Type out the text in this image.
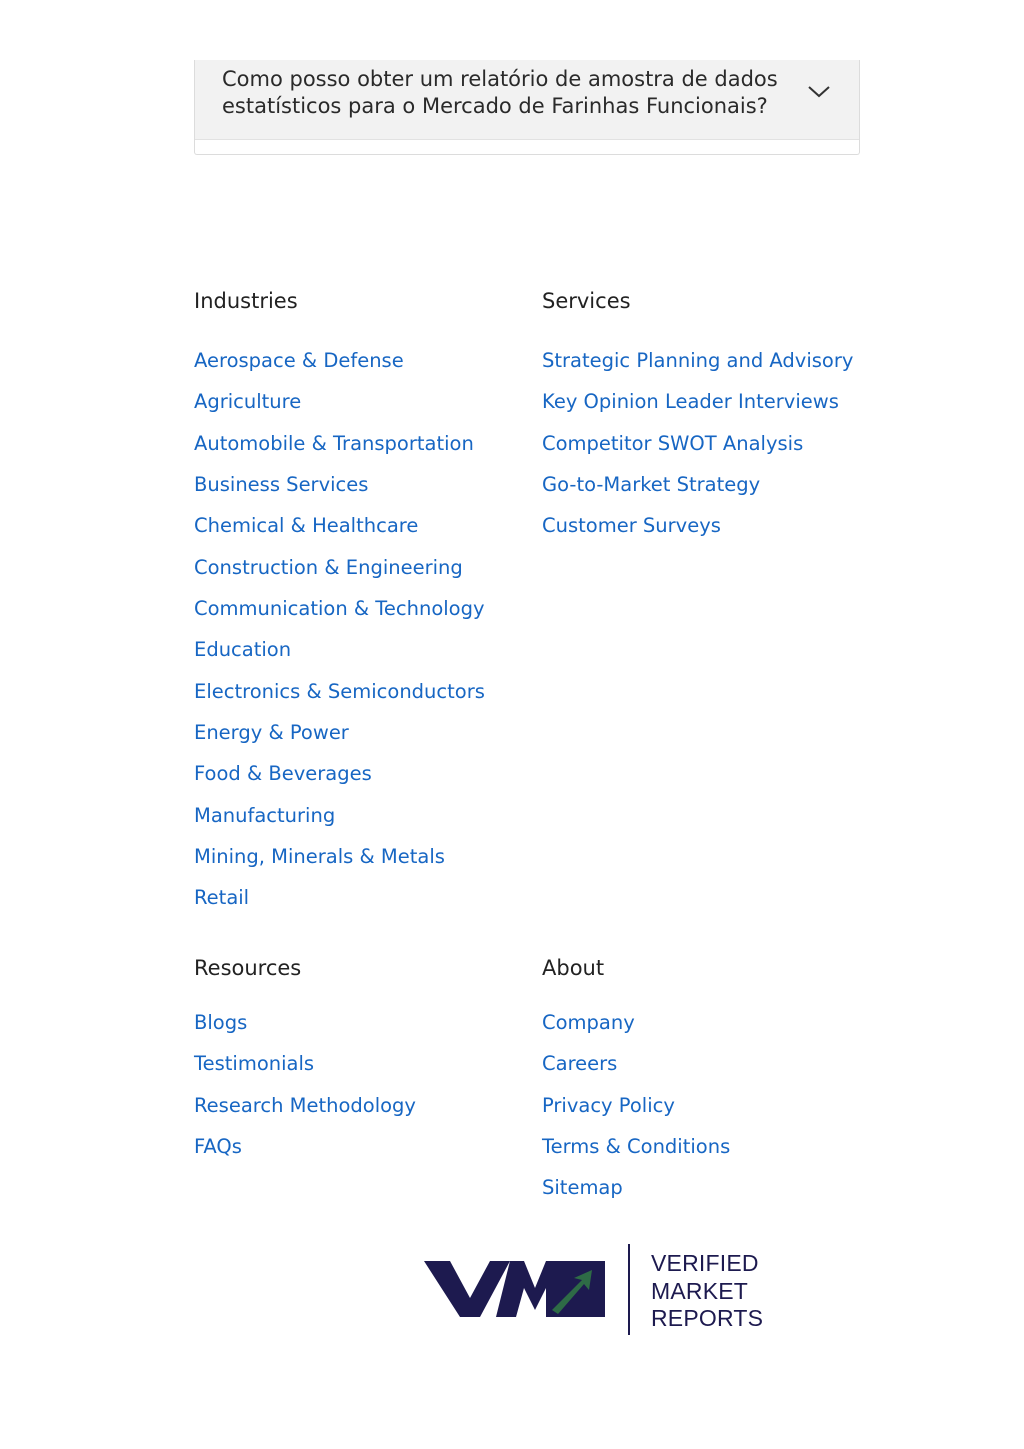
Como posso obter um relatório de amostra de dados estatísticos para o Mercado de Farinhas Funcionais?
Industries
Aerospace & Defense
Agriculture
Automobile & Transportation
Business Services
Chemical & Healthcare
Construction & Engineering
Communication & Technology
Education
Electronics & Semiconductors
Energy & Power
Food & Beverages
Manufacturing
Mining, Minerals & Metals
Retail
Services
Strategic Planning and Advisory
Key Opinion Leader Interviews
Competitor SWOT Analysis
Go-to-Market Strategy
Customer Surveys
Resources
Blogs
Testimonials
Research Methodology
FAQs
About
Company
Careers
Privacy Policy
Terms & Conditions
Sitemap
VERIFIED
MARKET
REPORTS
